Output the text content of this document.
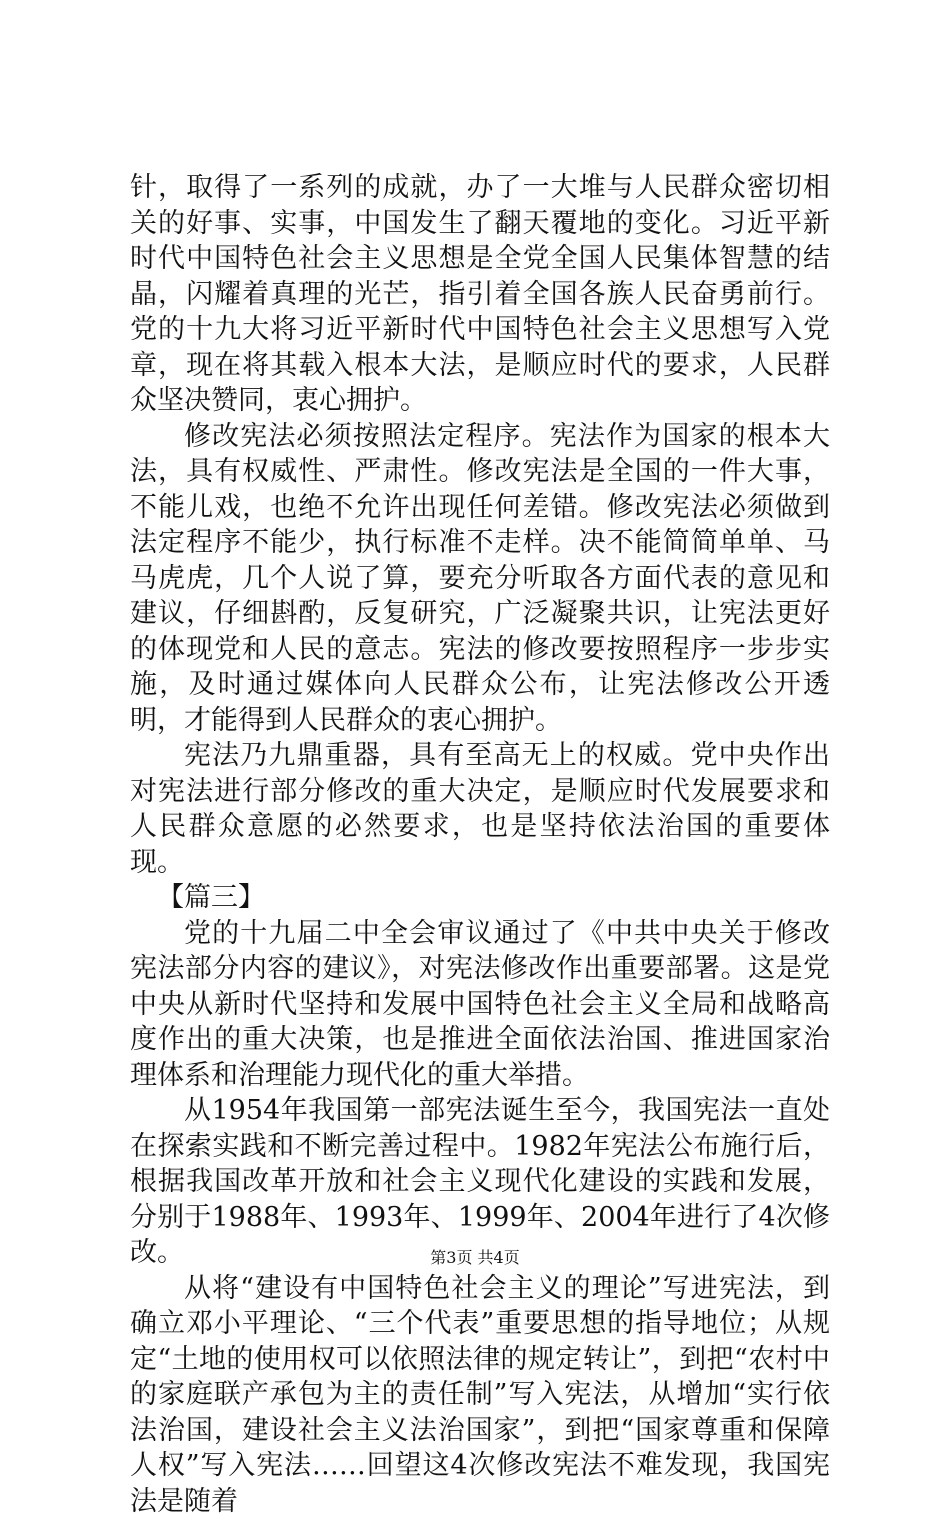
针，取得了一系列的成就，办了一大堆与人民群众密切相关的好事、实事，中国发生了翻天覆地的变化。习近平新时代中国特色社会主义思想是全党全国人民集体智慧的结晶，闪耀着真理的光芒，指引着全国各族人民奋勇前行。党的十九大将习近平新时代中国特色社会主义思想写入党章，现在将其载入根本大法，是顺应时代的要求，人民群众坚决赞同，衷心拥护。

修改宪法必须按照法定程序。宪法作为国家的根本大法，具有权威性、严肃性。修改宪法是全国的一件大事，不能儿戏，也绝不允许出现任何差错。修改宪法必须做到法定程序不能少，执行标准不走样。决不能简简单单、马马虎虎，几个人说了算，要充分听取各方面代表的意见和建议，仔细斟酌，反复研究，广泛凝聚共识，让宪法更好的体现党和人民的意志。宪法的修改要按照程序一步步实施，及时通过媒体向人民群众公布，让宪法修改公开透明，才能得到人民群众的衷心拥护。

宪法乃九鼎重器，具有至高无上的权威。党中央作出对宪法进行部分修改的重大决定，是顺应时代发展要求和人民群众意愿的必然要求，也是坚持依法治国的重要体现。

【篇三】

党的十九届二中全会审议通过了《中共中央关于修改宪法部分内容的建议》，对宪法修改作出重要部署。这是党中央从新时代坚持和发展中国特色社会主义全局和战略高度作出的重大决策，也是推进全面依法治国、推进国家治理体系和治理能力现代化的重大举措。

从1954年我国第一部宪法诞生至今，我国宪法一直处在探索实践和不断完善过程中。1982年宪法公布施行后，根据我国改革开放和社会主义现代化建设的实践和发展，分别于1988年、1993年、1999年、2004年进行了4次修改。

从将“建设有中国特色社会主义的理论”写进宪法，到确立邓小平理论、“三个代表”重要思想的指导地位；从规定“土地的使用权可以依照法律的规定转让”，到把“农村中的家庭联产承包为主的责任制”写入宪法，从增加“实行依法治国，建设社会主义法治国家”，到把“国家尊重和保障人权”写入宪法……回望这4次修改宪法不难发现，我国宪法是随着

第3页 共4页
